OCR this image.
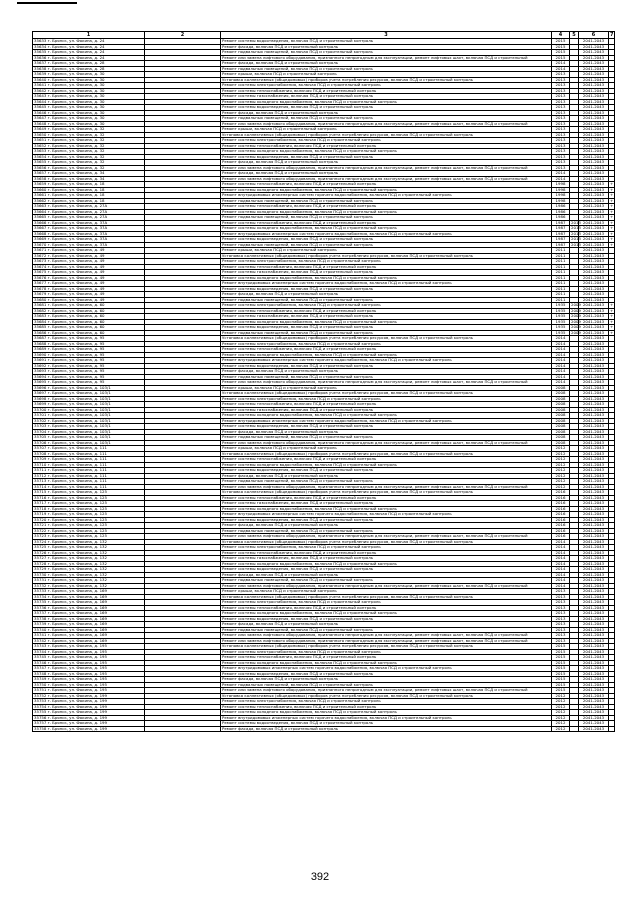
1	2	3	4	5	6	7
35633 г. Брянск, ул. Фокина, д. 24		Ремонт системы водоотведения, включая ПСД и строительный контроль	2015		2041-2043	
35634 г. Брянск, ул. Фокина, д. 24		Ремонт фасада, включая ПСД и строительный контроль	2015		2041-2043	
35635 г. Брянск, ул. Фокина, д. 24		Ремонт подвальных помещений, включая ПСД и строительный контроль	2015		2041-2043	
35636 г. Брянск, ул. Фокина, д. 24		Ремонт или замена лифтового оборудования, признанного непригодным для эксплуатации, ремонт лифтовых шахт, включая ПСД и строительный	2015		2041-2043	
35637 г. Брянск, ул. Фокина, д. 28		Ремонт фасада, включая ПСД и строительный контроль	2014		2041-2043	
35638 г. Брянск, ул. Фокина, д. 28		Ремонт подвальных помещений, включая ПСД и строительный контроль	2014		2041-2043	
35639 г. Брянск, ул. Фокина, д. 30		Ремонт крыши, включая ПСД и строительный контроль	2013		2041-2043	
35640 г. Брянск, ул. Фокина, д. 30		Установка коллективных (общедомовых) приборов учета потребления ресурсов, включая ПСД и строительный контроль	2013		2041-2043	
35641 г. Брянск, ул. Фокина, д. 30		Ремонт системы электроснабжения, включая ПСД и строительный контроль	2013		2041-2043	
35642 г. Брянск, ул. Фокина, д. 30		Ремонт системы теплоснабжения, включая ПСД и строительный контроль	2013		2041-2043	
35643 г. Брянск, ул. Фокина, д. 30		Ремонт системы газоснабжения, включая ПСД и строительный контроль	2013		2041-2043	
35644 г. Брянск, ул. Фокина, д. 30		Ремонт системы холодного водоснабжения, включая ПСД и строительный контроль	2013		2041-2043	
35645 г. Брянск, ул. Фокина, д. 30		Ремонт системы водоотведения, включая ПСД и строительный контроль	2013		2041-2043	
35646 г. Брянск, ул. Фокина, д. 30		Ремонт фасада, включая ПСД и строительный контроль	2013		2041-2043	
35647 г. Брянск, ул. Фокина, д. 30		Ремонт подвальных помещений, включая ПСД и строительный контроль	2013		2041-2043	
35648 г. Брянск, ул. Фокина, д. 30		Ремонт или замена лифтового оборудования, признанного непригодным для эксплуатации, ремонт лифтовых шахт, включая ПСД и строительный	2013		2041-2043	
35649 г. Брянск, ул. Фокина, д. 32		Ремонт крыши, включая ПСД и строительный контроль	2013		2041-2043	
35650 г. Брянск, ул. Фокина, д. 32		Установка коллективных (общедомовых) приборов учета потребления ресурсов, включая ПСД и строительный контроль	2013		2041-2043	
35651 г. Брянск, ул. Фокина, д. 32		Ремонт системы электроснабжения, включая ПСД и строительный контроль	2013		2041-2043	
35652 г. Брянск, ул. Фокина, д. 32		Ремонт системы теплоснабжения, включая ПСД и строительный контроль	2013		2041-2043	
35653 г. Брянск, ул. Фокина, д. 32		Ремонт системы холодного водоснабжения, включая ПСД и строительный контроль	2013		2041-2043	
35654 г. Брянск, ул. Фокина, д. 32		Ремонт системы водоотведения, включая ПСД и строительный контроль	2013		2041-2043	
35655 г. Брянск, ул. Фокина, д. 32		Ремонт фасада, включая ПСД и строительный контроль	2013		2041-2043	
35656 г. Брянск, ул. Фокина, д. 32		Ремонт или замена лифтового оборудования, признанного непригодным для эксплуатации, ремонт лифтовых шахт, включая ПСД и строительный	2013		2041-2043	
35657 г. Брянск, ул. Фокина, д. 34		Ремонт фасада, включая ПСД и строительный контроль	2014		2041-2043	
35658 г. Брянск, ул. Фокина, д. 34		Ремонт или замена лифтового оборудования, признанного непригодным для эксплуатации, ремонт лифтовых шахт, включая ПСД и строительный	2014		2041-2043	
35659 г. Брянск, ул. Фокина, д. 18		Ремонт системы теплоснабжения, включая ПСД и строительный контроль	1998		2041-2043	+
35660 г. Брянск, ул. Фокина, д. 18		Ремонт системы холодного водоснабжения, включая ПСД и строительный контроль	1998		2041-2043	+
35661 г. Брянск, ул. Фокина, д. 18		Ремонт внутридомовых инженерных систем горячего водоснабжения, включая ПСД и строительный контроль	1998		2041-2043	+
35662 г. Брянск, ул. Фокина, д. 18		Ремонт подвальных помещений, включая ПСД и строительный контроль	1998		2041-2043	+
35663 г. Брянск, ул. Фокина, д. 27А		Ремонт системы теплоснабжения, включая ПСД и строительный контроль	1986		2041-2043	+
35664 г. Брянск, ул. Фокина, д. 27А		Ремонт системы холодного водоснабжения, включая ПСД и строительный контроль	1986		2041-2043	+
35665 г. Брянск, ул. Фокина, д. 27А		Ремонт подвальных помещений, включая ПСД и строительный контроль	1986		2041-2043	+
35666 г. Брянск, ул. Фокина, д. 37А		Ремонт системы теплоснабжения, включая ПСД и строительный контроль	1987	2013	2041-2043	+
35667 г. Брянск, ул. Фокина, д. 37А		Ремонт системы холодного водоснабжения, включая ПСД и строительный контроль	1987	2013	2041-2043	+
35668 г. Брянск, ул. Фокина, д. 37А		Ремонт внутридомовых инженерных систем горячего водоснабжения, включая ПСД и строительный контроль	1987	2013	2041-2043	+
35669 г. Брянск, ул. Фокина, д. 37А		Ремонт системы водоотведения, включая ПСД и строительный контроль	1987	2013	2041-2043	+
35670 г. Брянск, ул. Фокина, д. 37А		Ремонт подвальных помещений, включая ПСД и строительный контроль	1987	2013	2041-2043	+
35671 г. Брянск, ул. Фокина, д. 49		Ремонт крыши, включая ПСД и строительный контроль	2011		2041-2043	
35672 г. Брянск, ул. Фокина, д. 49		Установка коллективных (общедомовых) приборов учета потребления ресурсов, включая ПСД и строительный контроль	2011		2041-2043	
35673 г. Брянск, ул. Фокина, д. 49		Ремонт системы электроснабжения, включая ПСД и строительный контроль	2011		2041-2043	
35674 г. Брянск, ул. Фокина, д. 49		Ремонт системы теплоснабжения, включая ПСД и строительный контроль	2011		2041-2043	
35675 г. Брянск, ул. Фокина, д. 49		Ремонт системы газоснабжения, включая ПСД и строительный контроль	2011		2041-2043	
35676 г. Брянск, ул. Фокина, д. 49		Ремонт системы холодного водоснабжения, включая ПСД и строительный контроль	2011		2041-2043	
35677 г. Брянск, ул. Фокина, д. 49		Ремонт внутридомовых инженерных систем горячего водоснабжения, включая ПСД и строительный контроль	2011		2041-2043	
35678 г. Брянск, ул. Фокина, д. 49		Ремонт системы водоотведения, включая ПСД и строительный контроль	2011		2041-2043	
35679 г. Брянск, ул. Фокина, д. 49		Ремонт фасада, включая ПСД и строительный контроль	2011		2041-2043	
35680 г. Брянск, ул. Фокина, д. 49		Ремонт подвальных помещений, включая ПСД и строительный контроль	2011		2041-2043	
35681 г. Брянск, ул. Фокина, д. 60		Ремонт системы электроснабжения, включая ПСД и строительный контроль	1935	2009	2041-2043	+
35682 г. Брянск, ул. Фокина, д. 60		Ремонт системы теплоснабжения, включая ПСД и строительный контроль	1935	2009	2041-2043	+
35683 г. Брянск, ул. Фокина, д. 60		Ремонт системы газоснабжения, включая ПСД и строительный контроль	1935	2009	2041-2043	+
35684 г. Брянск, ул. Фокина, д. 60		Ремонт системы холодного водоснабжения, включая ПСД и строительный контроль	1935	2009	2041-2043	+
35685 г. Брянск, ул. Фокина, д. 60		Ремонт системы водоотведения, включая ПСД и строительный контроль	1935	2009	2041-2043	+
35686 г. Брянск, ул. Фокина, д. 60		Ремонт подвальных помещений, включая ПСД и строительный контроль	1935	2009	2041-2043	+
35687 г. Брянск, ул. Фокина, д. 95		Установка коллективных (общедомовых) приборов учета потребления ресурсов, включая ПСД и строительный контроль	2014		2041-2043	
35688 г. Брянск, ул. Фокина, д. 95		Ремонт системы электроснабжения, включая ПСД и строительный контроль	2014		2041-2043	
35689 г. Брянск, ул. Фокина, д. 95		Ремонт системы теплоснабжения, включая ПСД и строительный контроль	2014		2041-2043	
35690 г. Брянск, ул. Фокина, д. 95		Ремонт системы холодного водоснабжения, включая ПСД и строительный контроль	2014		2041-2043	
35691 г. Брянск, ул. Фокина, д. 95		Ремонт внутридомовых инженерных систем горячего водоснабжения, включая ПСД и строительный контроль	2014		2041-2043	
35692 г. Брянск, ул. Фокина, д. 95		Ремонт системы водоотведения, включая ПСД и строительный контроль	2014		2041-2043	
35693 г. Брянск, ул. Фокина, д. 95		Ремонт фасада, включая ПСД и строительный контроль	2014		2041-2043	
35694 г. Брянск, ул. Фокина, д. 95		Ремонт подвальных помещений, включая ПСД и строительный контроль	2014		2041-2043	
35695 г. Брянск, ул. Фокина, д. 95		Ремонт или замена лифтового оборудования, признанного непригодным для эксплуатации, ремонт лифтовых шахт, включая ПСД и строительный	2014		2041-2043	
35696 г. Брянск, ул. Фокина, д. 103/1		Ремонт крыши, включая ПСД и строительный контроль	2008		2041-2043	
35697 г. Брянск, ул. Фокина, д. 103/1		Установка коллективных (общедомовых) приборов учета потребления ресурсов, включая ПСД и строительный контроль	2008		2041-2043	
35698 г. Брянск, ул. Фокина, д. 103/1		Ремонт системы электроснабжения, включая ПСД и строительный контроль	2008		2041-2043	
35699 г. Брянск, ул. Фокина, д. 103/1		Ремонт системы теплоснабжения, включая ПСД и строительный контроль	2008		2041-2043	
35700 г. Брянск, ул. Фокина, д. 103/1		Ремонт системы газоснабжения, включая ПСД и строительный контроль	2008		2041-2043	
35701 г. Брянск, ул. Фокина, д. 103/1		Ремонт системы холодного водоснабжения, включая ПСД и строительный контроль	2008		2041-2043	
35702 г. Брянск, ул. Фокина, д. 103/1		Ремонт внутридомовых инженерных систем горячего водоснабжения, включая ПСД и строительный контроль	2008		2041-2043	
35703 г. Брянск, ул. Фокина, д. 103/1		Ремонт системы водоотведения, включая ПСД и строительный контроль	2008		2041-2043	
35704 г. Брянск, ул. Фокина, д. 103/1		Ремонт фасада, включая ПСД и строительный контроль	2008		2041-2043	
35705 г. Брянск, ул. Фокина, д. 103/1		Ремонт подвальных помещений, включая ПСД и строительный контроль	2008		2041-2043	
35706 г. Брянск, ул. Фокина, д. 103/1		Ремонт или замена лифтового оборудования, признанного непригодным для эксплуатации, ремонт лифтовых шахт, включая ПСД и строительный	2008		2041-2043	
35707 г. Брянск, ул. Фокина, д. 111		Ремонт крыши, включая ПСД и строительный контроль	2012		2041-2043	
35708 г. Брянск, ул. Фокина, д. 111		Установка коллективных (общедомовых) приборов учета потребления ресурсов, включая ПСД и строительный контроль	2012		2041-2043	
35709 г. Брянск, ул. Фокина, д. 111		Ремонт системы теплоснабжения, включая ПСД и строительный контроль	2012		2041-2043	
35710 г. Брянск, ул. Фокина, д. 111		Ремонт системы холодного водоснабжения, включая ПСД и строительный контроль	2012		2041-2043	
35711 г. Брянск, ул. Фокина, д. 111		Ремонт системы водоотведения, включая ПСД и строительный контроль	2012		2041-2043	
35712 г. Брянск, ул. Фокина, д. 111		Ремонт фасада, включая ПСД и строительный контроль	2012		2041-2043	
35713 г. Брянск, ул. Фокина, д. 111		Ремонт подвальных помещений, включая ПСД и строительный контроль	2012		2041-2043	
35714 г. Брянск, ул. Фокина, д. 111		Ремонт или замена лифтового оборудования, признанного непригодным для эксплуатации, ремонт лифтовых шахт, включая ПСД и строительный	2012		2041-2043	
35715 г. Брянск, ул. Фокина, д. 125		Установка коллективных (общедомовых) приборов учета потребления ресурсов, включая ПСД и строительный контроль	2016		2041-2043	
35716 г. Брянск, ул. Фокина, д. 125		Ремонт системы теплоснабжения, включая ПСД и строительный контроль	2016		2041-2043	
35717 г. Брянск, ул. Фокина, д. 125		Ремонт системы газоснабжения, включая ПСД и строительный контроль	2016		2041-2043	
35718 г. Брянск, ул. Фокина, д. 125		Ремонт системы холодного водоснабжения, включая ПСД и строительный контроль	2016		2041-2043	
35719 г. Брянск, ул. Фокина, д. 125		Ремонт внутридомовых инженерных систем горячего водоснабжения, включая ПСД и строительный контроль	2016		2041-2043	
35720 г. Брянск, ул. Фокина, д. 125		Ремонт системы водоотведения, включая ПСД и строительный контроль	2016		2041-2043	
35721 г. Брянск, ул. Фокина, д. 125		Ремонт фасада, включая ПСД и строительный контроль	2016		2041-2043	
35722 г. Брянск, ул. Фокина, д. 125		Ремонт подвальных помещений, включая ПСД и строительный контроль	2016		2041-2043	
35723 г. Брянск, ул. Фокина, д. 125		Ремонт или замена лифтового оборудования, признанного непригодным для эксплуатации, ремонт лифтовых шахт, включая ПСД и строительный	2016		2041-2043	
35724 г. Брянск, ул. Фокина, д. 132		Установка коллективных (общедомовых) приборов учета потребления ресурсов, включая ПСД и строительный контроль	2014		2041-2043	
35725 г. Брянск, ул. Фокина, д. 132		Ремонт системы электроснабжения, включая ПСД и строительный контроль	2014		2041-2043	
35726 г. Брянск, ул. Фокина, д. 132		Ремонт системы теплоснабжения, включая ПСД и строительный контроль	2014		2041-2043	
35727 г. Брянск, ул. Фокина, д. 132		Ремонт системы газоснабжения, включая ПСД и строительный контроль	2014		2041-2043	
35728 г. Брянск, ул. Фокина, д. 132		Ремонт системы холодного водоснабжения, включая ПСД и строительный контроль	2014		2041-2043	
35729 г. Брянск, ул. Фокина, д. 132		Ремонт системы водоотведения, включая ПСД и строительный контроль	2014		2041-2043	
35730 г. Брянск, ул. Фокина, д. 132		Ремонт фасада, включая ПСД и строительный контроль	2014		2041-2043	
35731 г. Брянск, ул. Фокина, д. 132		Ремонт подвальных помещений, включая ПСД и строительный контроль	2014		2041-2043	
35732 г. Брянск, ул. Фокина, д. 132		Ремонт или замена лифтового оборудования, признанного непригодным для эксплуатации, ремонт лифтовых шахт, включая ПСД и строительный	2014		2041-2043	
35733 г. Брянск, ул. Фокина, д. 169		Ремонт крыши, включая ПСД и строительный контроль	2013		2041-2043	
35734 г. Брянск, ул. Фокина, д. 169		Установка коллективных (общедомовых) приборов учета потребления ресурсов, включая ПСД и строительный контроль	2013		2041-2043	
35735 г. Брянск, ул. Фокина, д. 169		Ремонт системы электроснабжения, включая ПСД и строительный контроль	2013		2041-2043	
35736 г. Брянск, ул. Фокина, д. 169		Ремонт системы теплоснабжения, включая ПСД и строительный контроль	2013		2041-2043	
35737 г. Брянск, ул. Фокина, д. 169		Ремонт системы холодного водоснабжения, включая ПСД и строительный контроль	2013		2041-2043	
35738 г. Брянск, ул. Фокина, д. 169		Ремонт системы водоотведения, включая ПСД и строительный контроль	2013		2041-2043	
35739 г. Брянск, ул. Фокина, д. 169		Ремонт фасада, включая ПСД и строительный контроль	2013		2041-2043	
35740 г. Брянск, ул. Фокина, д. 169		Ремонт подвальных помещений, включая ПСД и строительный контроль	2013		2041-2043	
35741 г. Брянск, ул. Фокина, д. 169		Ремонт или замена лифтового оборудования, признанного непригодным для эксплуатации, ремонт лифтовых шахт, включая ПСД и строительный	2013		2041-2043	
35742 г. Брянск, ул. Фокина, д. 169		Ремонт или замена лифтового оборудования, признанного непригодным для эксплуатации, ремонт лифтовых шахт, включая ПСД и строительный	2013		2041-2043	
35743 г. Брянск, ул. Фокина, д. 195		Установка коллективных (общедомовых) приборов учета потребления ресурсов, включая ПСД и строительный контроль	2015		2041-2043	
35744 г. Брянск, ул. Фокина, д. 195		Ремонт системы электроснабжения, включая ПСД и строительный контроль	2015		2041-2043	
35745 г. Брянск, ул. Фокина, д. 195		Ремонт системы теплоснабжения, включая ПСД и строительный контроль	2015		2041-2043	
35746 г. Брянск, ул. Фокина, д. 195		Ремонт системы холодного водоснабжения, включая ПСД и строительный контроль	2015		2041-2043	
35747 г. Брянск, ул. Фокина, д. 195		Ремонт внутридомовых инженерных систем горячего водоснабжения, включая ПСД и строительный контроль	2015		2041-2043	
35748 г. Брянск, ул. Фокина, д. 195		Ремонт системы водоотведения, включая ПСД и строительный контроль	2015		2041-2043	
35749 г. Брянск, ул. Фокина, д. 195		Ремонт фасада, включая ПСД и строительный контроль	2015		2041-2043	
35750 г. Брянск, ул. Фокина, д. 195		Ремонт подвальных помещений, включая ПСД и строительный контроль	2015		2041-2043	
35751 г. Брянск, ул. Фокина, д. 195		Ремонт или замена лифтового оборудования, признанного непригодным для эксплуатации, ремонт лифтовых шахт, включая ПСД и строительный	2015		2041-2043	
35752 г. Брянск, ул. Фокина, д. 199		Установка коллективных (общедомовых) приборов учета потребления ресурсов, включая ПСД и строительный контроль	2012		2041-2043	
35753 г. Брянск, ул. Фокина, д. 199		Ремонт системы электроснабжения, включая ПСД и строительный контроль	2012		2041-2043	
35754 г. Брянск, ул. Фокина, д. 199		Ремонт системы теплоснабжения, включая ПСД и строительный контроль	2012		2041-2043	
35755 г. Брянск, ул. Фокина, д. 199		Ремонт системы холодного водоснабжения, включая ПСД и строительный контроль	2012		2041-2043	
35756 г. Брянск, ул. Фокина, д. 199		Ремонт внутридомовых инженерных систем горячего водоснабжения, включая ПСД и строительный контроль	2012		2041-2043	
35757 г. Брянск, ул. Фокина, д. 199		Ремонт системы водоотведения, включая ПСД и строительный контроль	2012		2041-2043	
35758 г. Брянск, ул. Фокина, д. 199		Ремонт фасада, включая ПСД и строительный контроль	2012		2041-2043	
392
